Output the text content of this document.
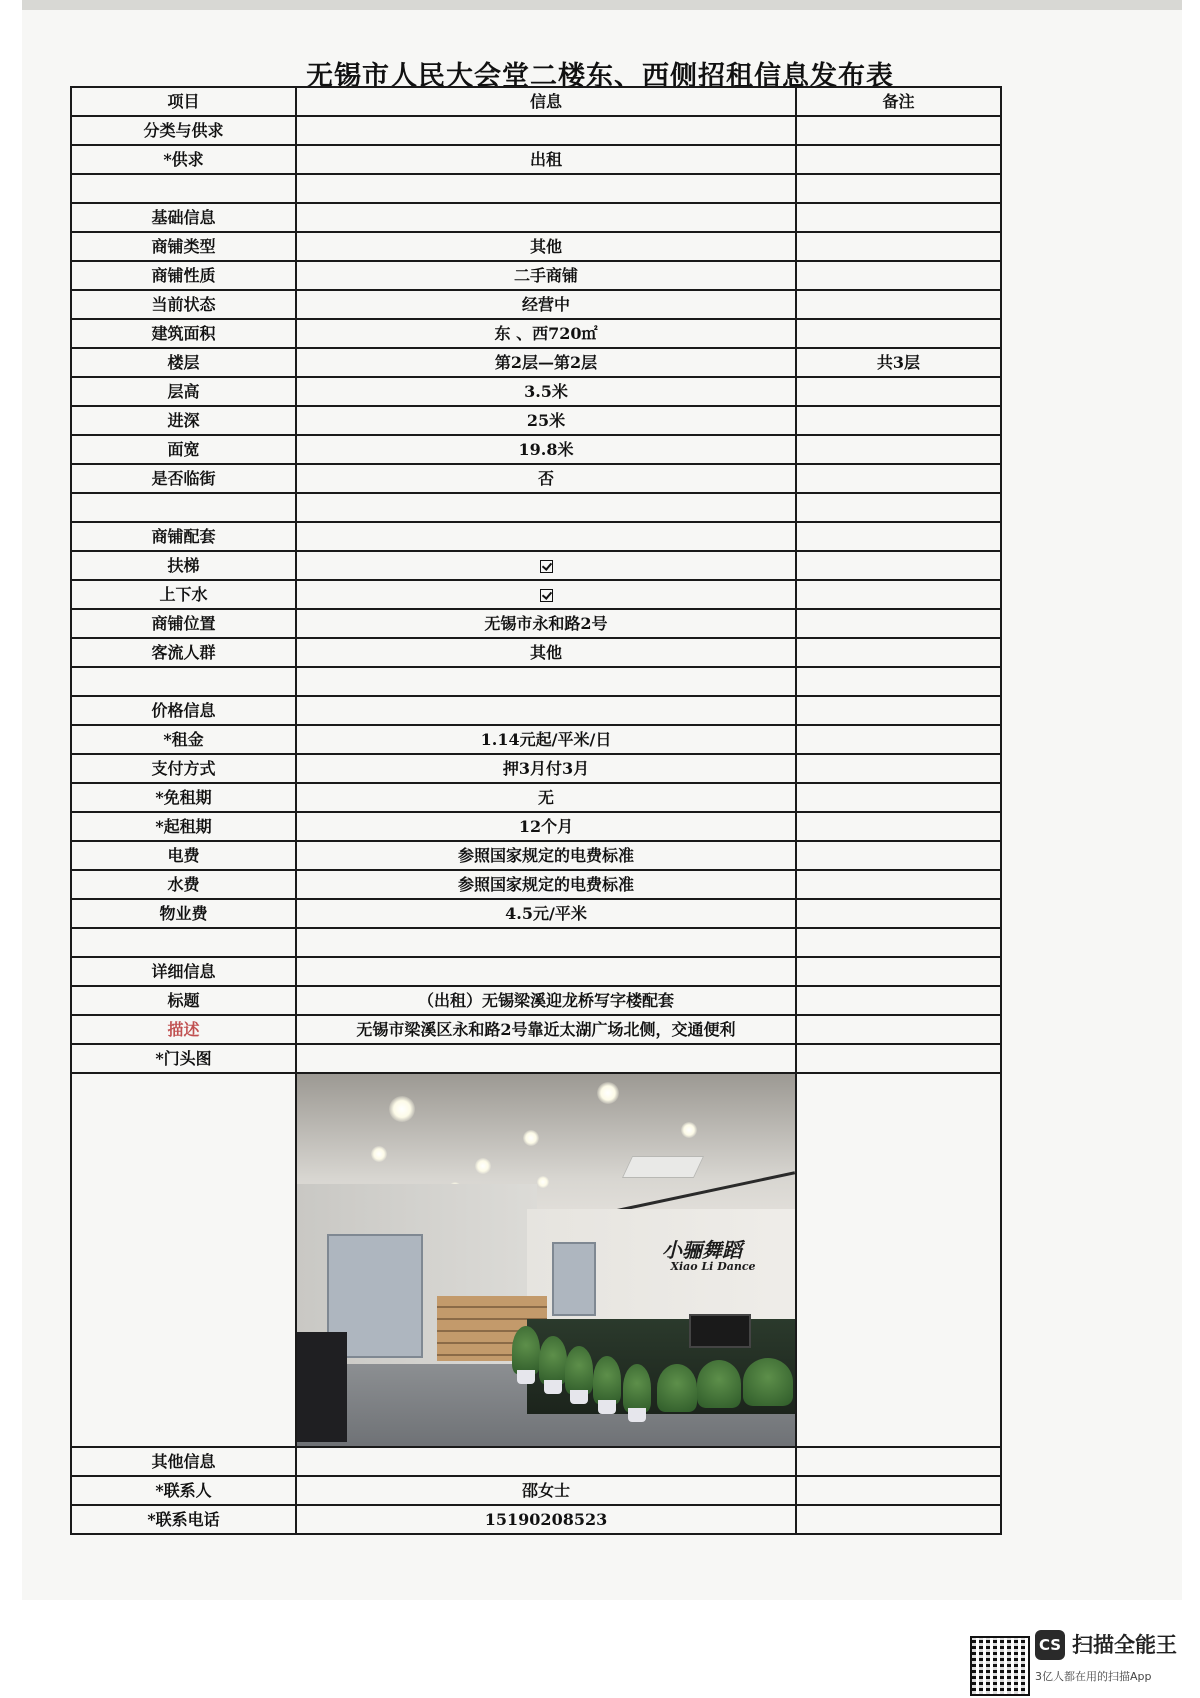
无锡市人民大会堂二楼东、西侧招租信息发布表
项目	信息	备注
分类与供求		
*供求	出租	

基础信息		
商铺类型	其他	
商铺性质	二手商铺	
当前状态	经营中	
建筑面积	东 、西720㎡	
楼层	第2层—第2层	共3层
层高	3.5米	
进深	25米	
面宽	19.8米	
是否临街	否	

商铺配套		
扶梯		
上下水		
商铺位置	无锡市永和路2号	
客流人群	其他	

价格信息		
*租金	1.14元起/平米/日	
支付方式	押3月付3月	
*免租期	无	
*起租期	12个月	
电费	参照国家规定的电费标准	
水费	参照国家规定的电费标准	
物业费	4.5元/平米	

详细信息		
标题	（出租）无锡梁溪迎龙桥写字楼配套	
描述	无锡市梁溪区永和路2号靠近太湖广场北侧，交通便利	
*门头图		

	小骊舞蹈
Xiao Li Dance	

其他信息		
*联系人	邵女士	
*联系电话	15190208523	
CS 扫描全能王
3亿人都在用的扫描App
